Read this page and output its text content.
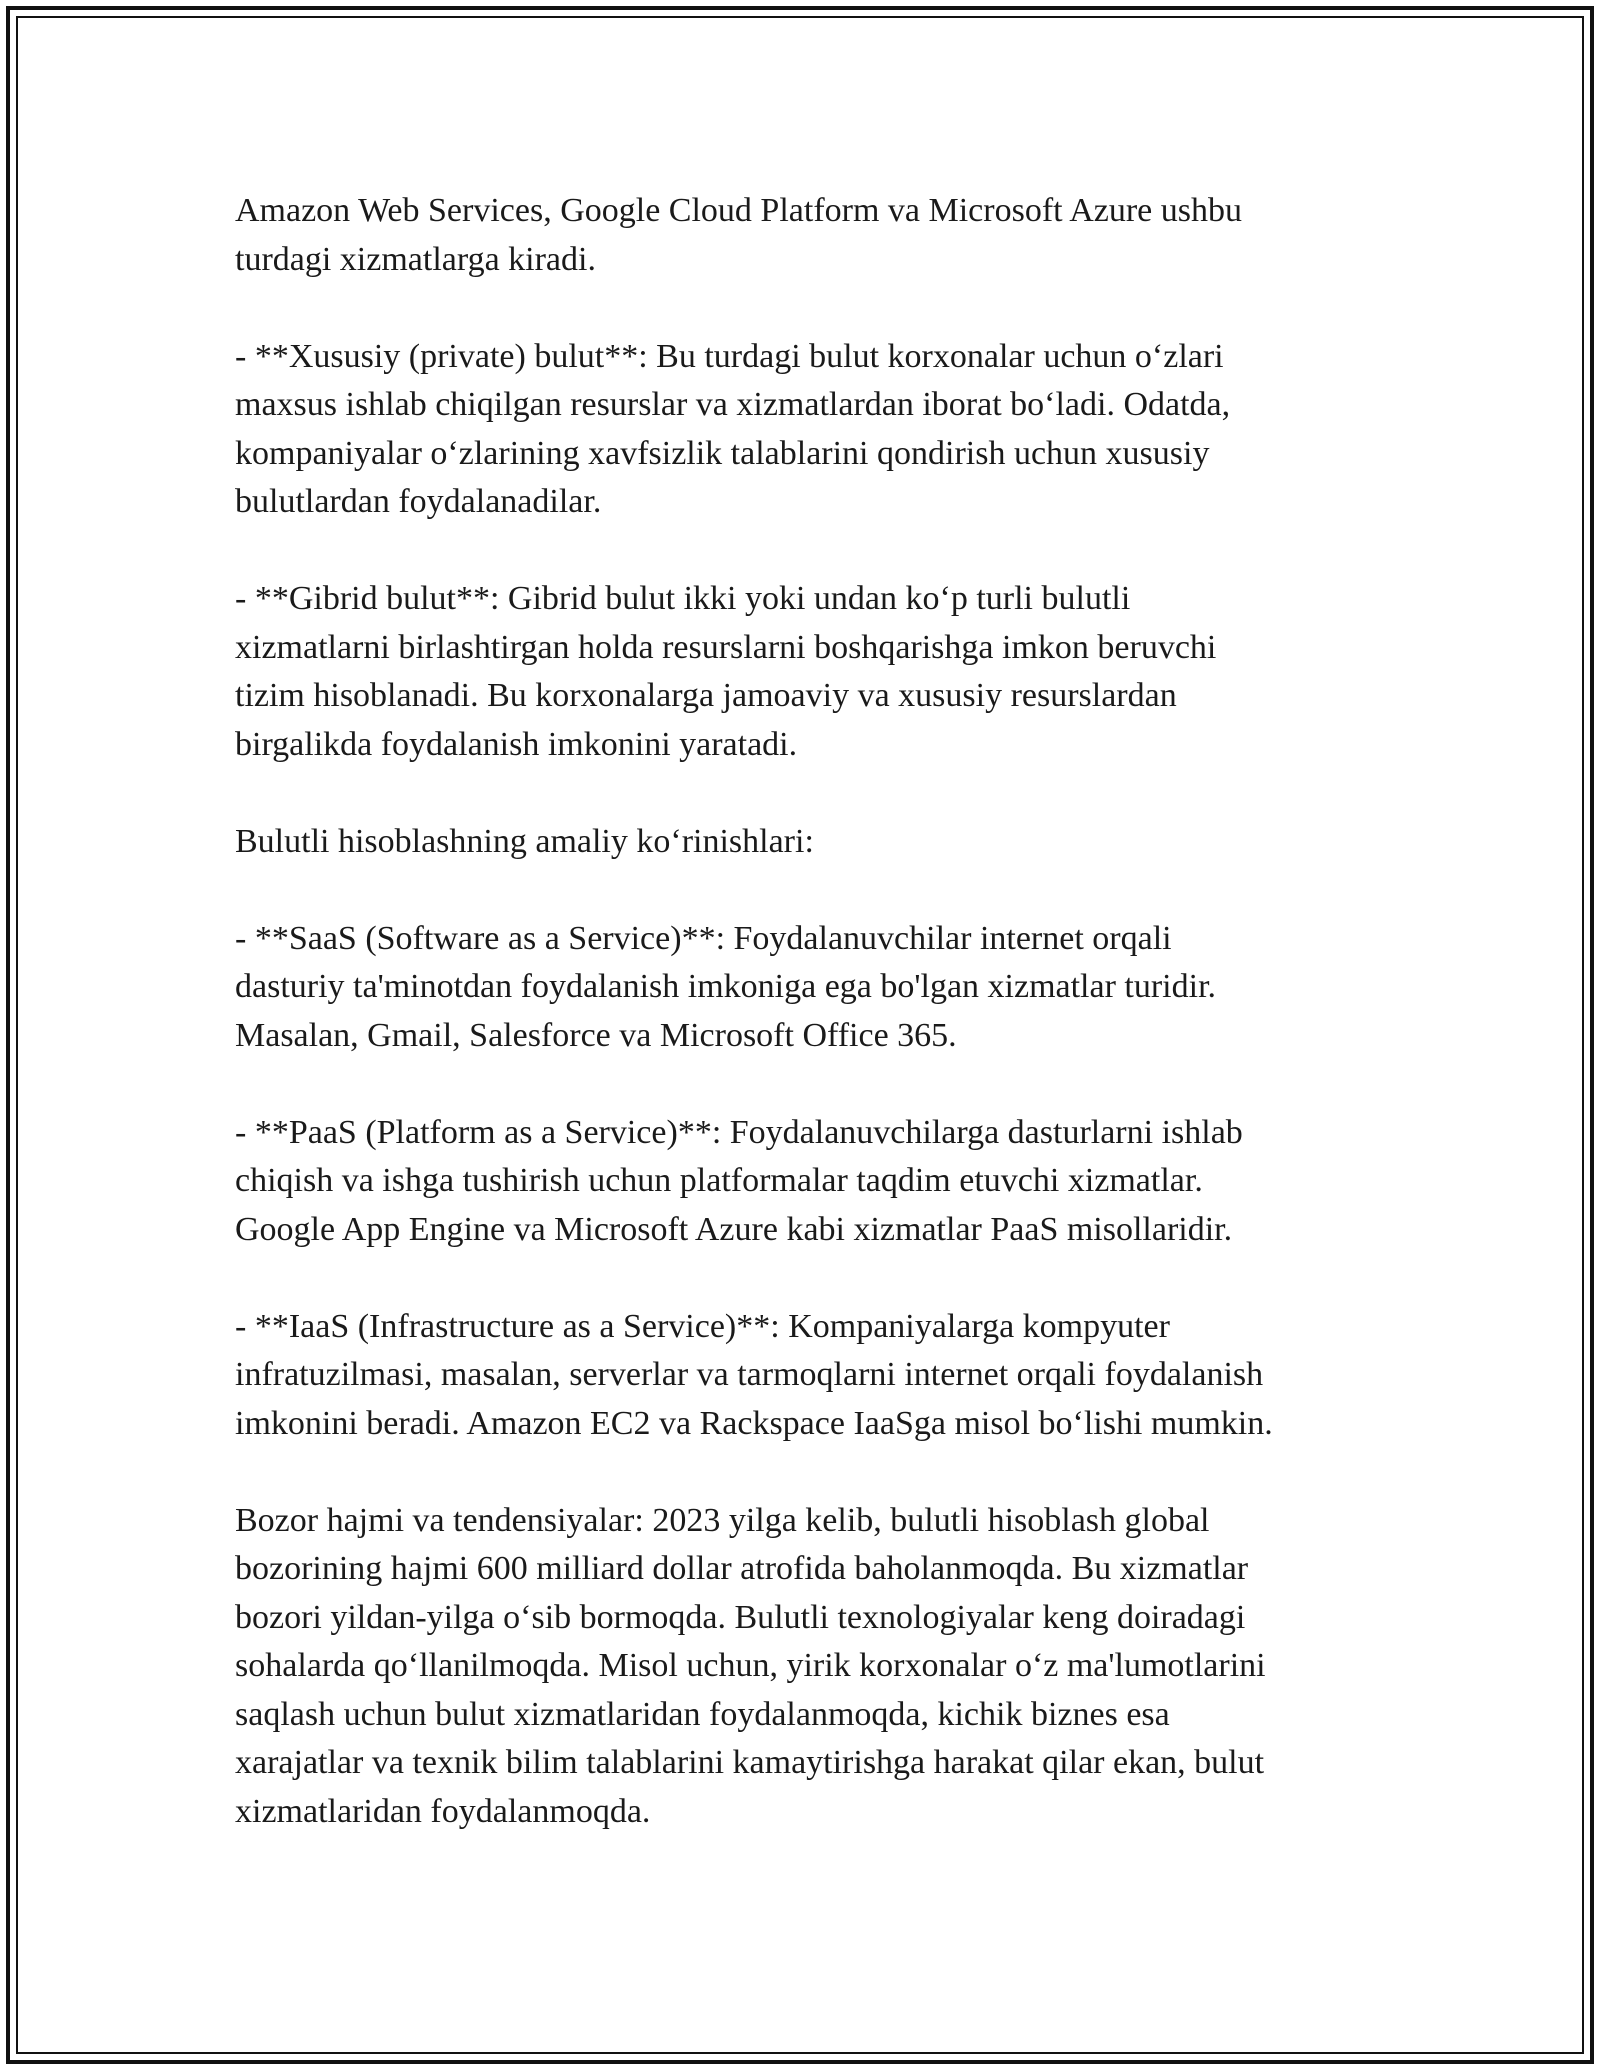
Amazon Web Services, Google Cloud Platform va Microsoft Azure ushbu
turdagi xizmatlarga kiradi.

- **Xususiy (private) bulut**: Bu turdagi bulut korxonalar uchun o‘zlari
maxsus ishlab chiqilgan resurslar va xizmatlardan iborat bo‘ladi. Odatda,
kompaniyalar o‘zlarining xavfsizlik talablarini qondirish uchun xususiy
bulutlardan foydalanadilar.

- **Gibrid bulut**: Gibrid bulut ikki yoki undan ko‘p turli bulutli
xizmatlarni birlashtirgan holda resurslarni boshqarishga imkon beruvchi
tizim hisoblanadi. Bu korxonalarga jamoaviy va xususiy resurslardan
birgalikda foydalanish imkonini yaratadi.

Bulutli hisoblashning amaliy ko‘rinishlari:

- **SaaS (Software as a Service)**: Foydalanuvchilar internet orqali
dasturiy ta'minotdan foydalanish imkoniga ega bo'lgan xizmatlar turidir.
Masalan, Gmail, Salesforce va Microsoft Office 365.

- **PaaS (Platform as a Service)**: Foydalanuvchilarga dasturlarni ishlab
chiqish va ishga tushirish uchun platformalar taqdim etuvchi xizmatlar.
Google App Engine va Microsoft Azure kabi xizmatlar PaaS misollaridir.

- **IaaS (Infrastructure as a Service)**: Kompaniyalarga kompyuter
infratuzilmasi, masalan, serverlar va tarmoqlarni internet orqali foydalanish
imkonini beradi. Amazon EC2 va Rackspace IaaSga misol bo‘lishi mumkin.

Bozor hajmi va tendensiyalar: 2023 yilga kelib, bulutli hisoblash global
bozorining hajmi 600 milliard dollar atrofida baholanmoqda. Bu xizmatlar
bozori yildan-yilga o‘sib bormoqda. Bulutli texnologiyalar keng doiradagi
sohalarda qo‘llanilmoqda. Misol uchun, yirik korxonalar o‘z ma'lumotlarini
saqlash uchun bulut xizmatlaridan foydalanmoqda, kichik biznes esa
xarajatlar va texnik bilim talablarini kamaytirishga harakat qilar ekan, bulut
xizmatlaridan foydalanmoqda.
